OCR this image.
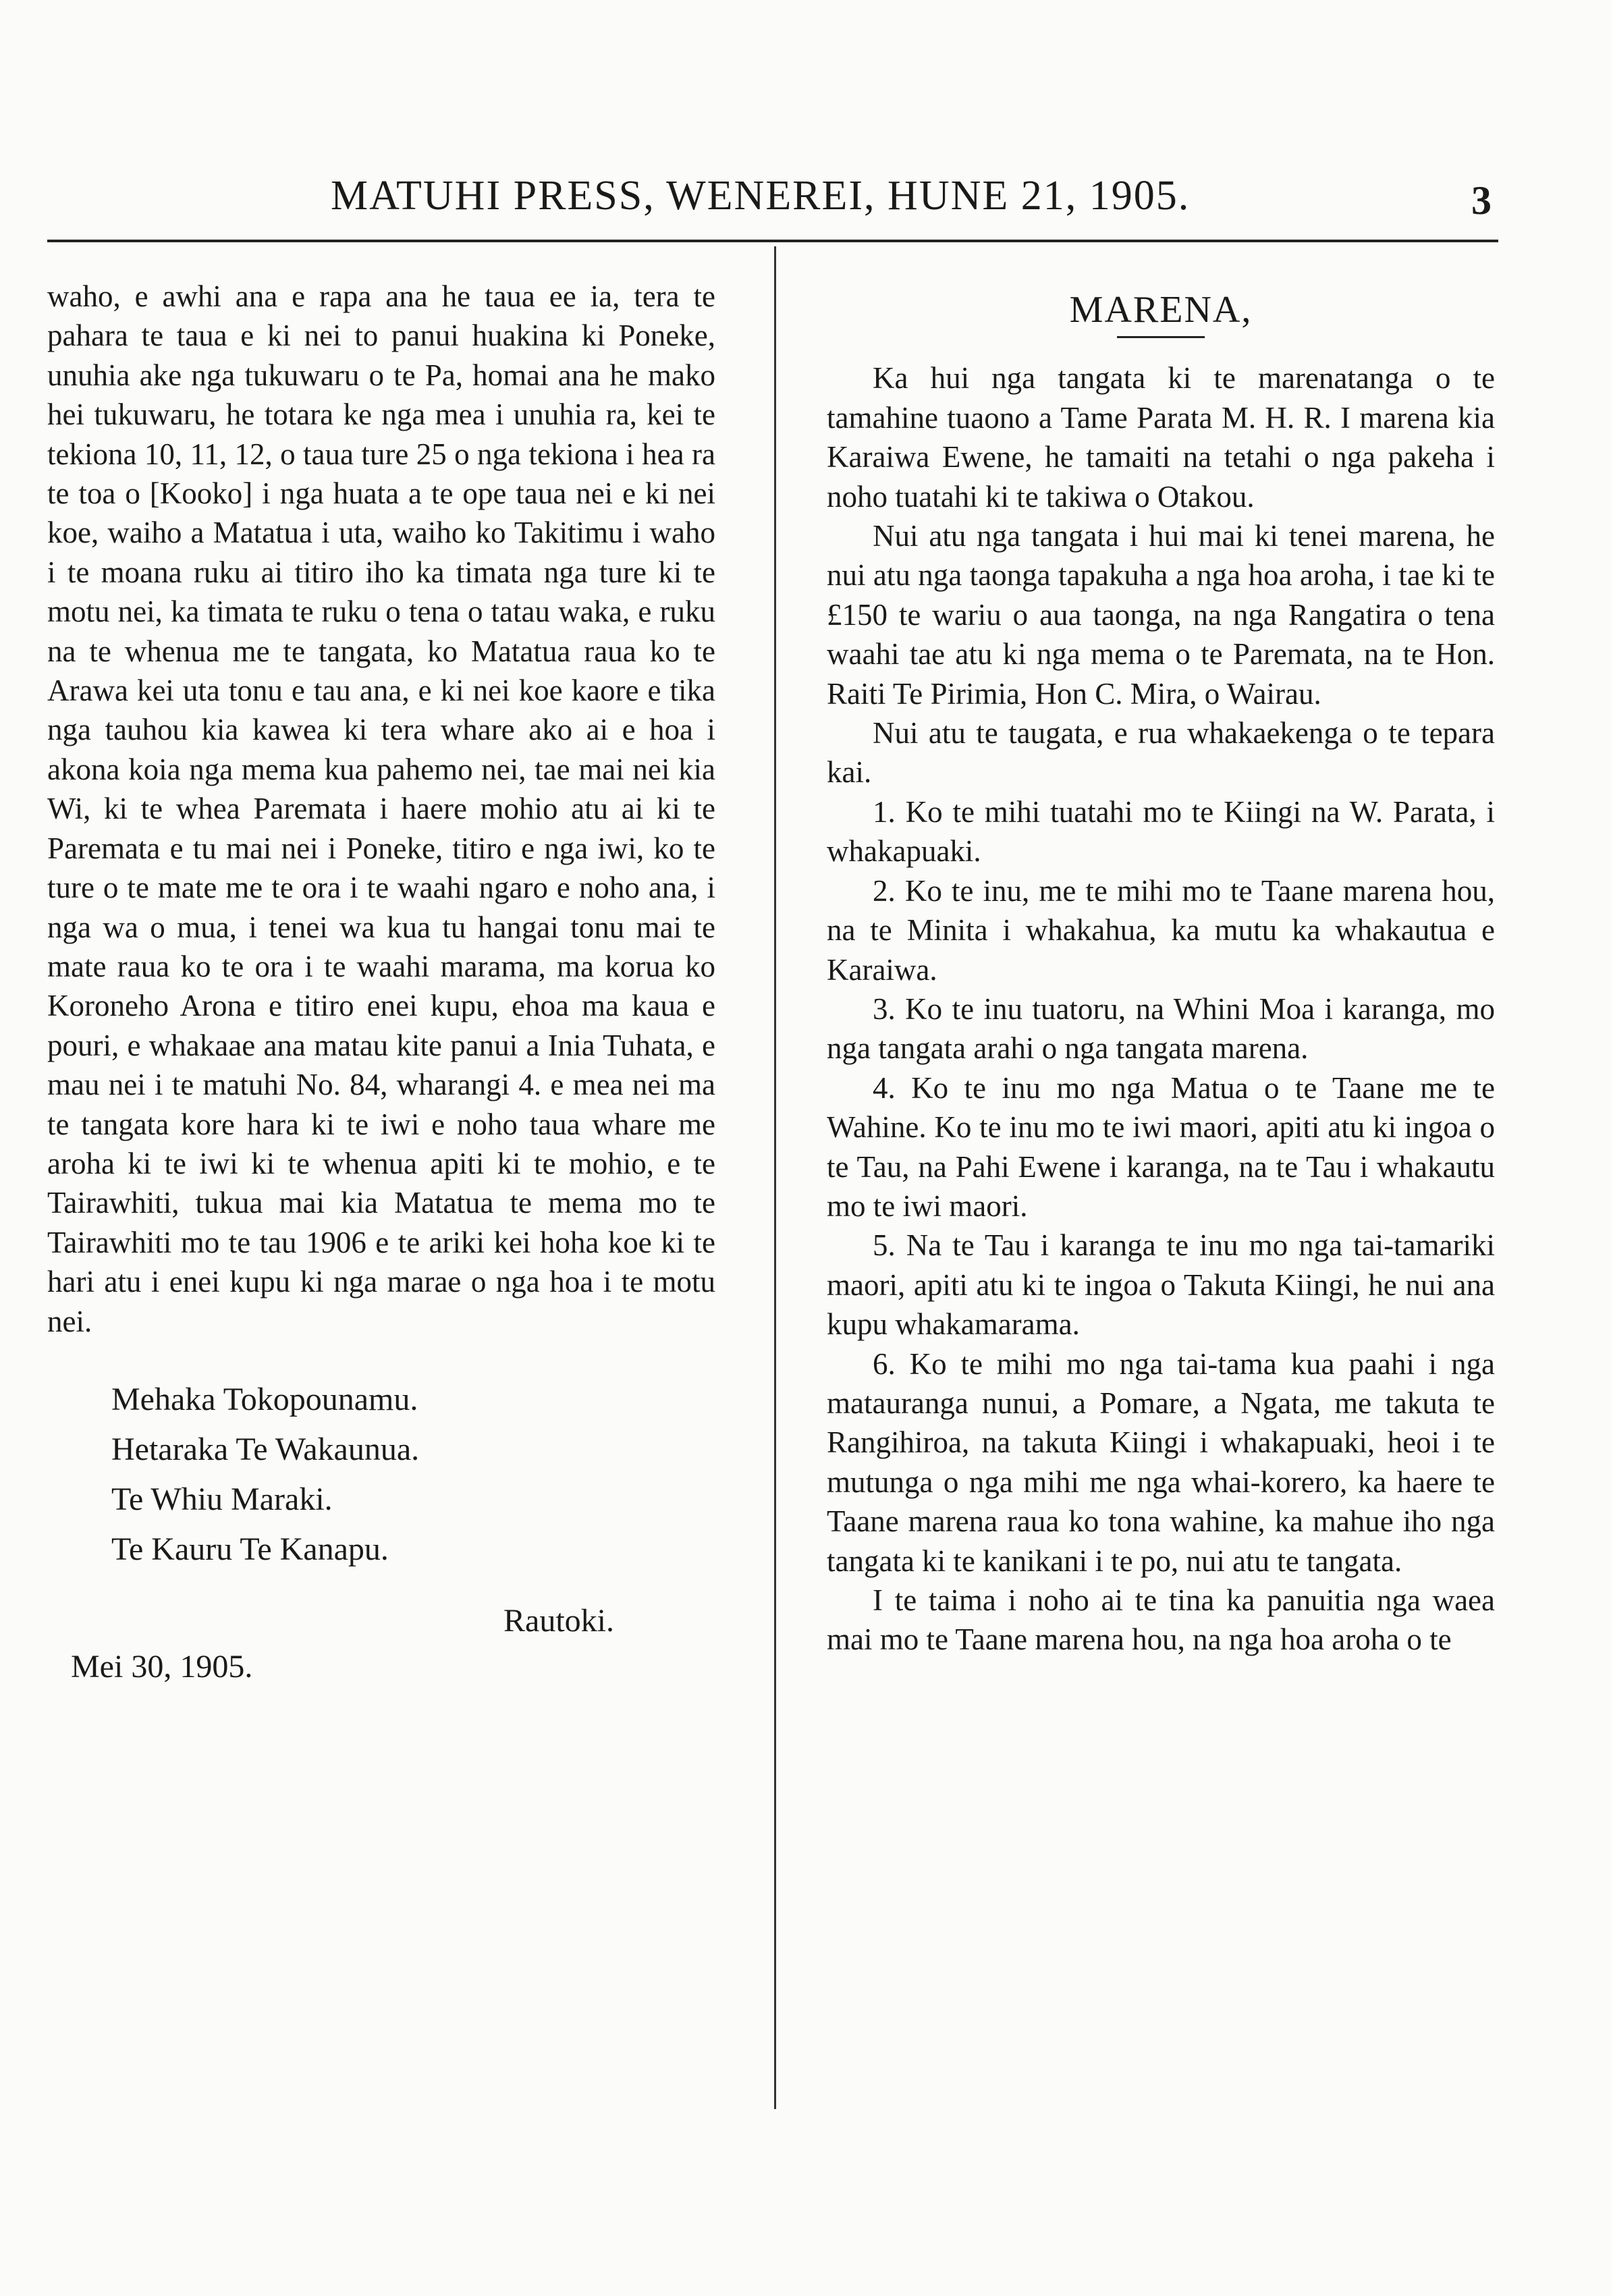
MATUHI PRESS, WENEREI, HUNE 21, 1905.	3

waho, e awhi ana e rapa ana he taua ee ia, tera te pahara te taua e ki nei to panui huakina ki Poneke, unuhia ake nga tukuwaru o te Pa, homai ana he mako hei tukuwaru, he totara ke nga mea i unuhia ra, kei te tekiona 10, 11, 12, o taua ture 25 o nga tekiona i hea ra te toa o [Kooko] i nga huata a te ope taua nei e ki nei koe, waiho a Matatua i uta, waiho ko Takitimu i waho i te moana ruku ai titiro iho ka timata nga ture ki te motu nei, ka timata te ruku o tena o tatau waka, e ruku na te whenua me te tangata, ko Matatua raua ko te Arawa kei uta tonu e tau ana, e ki nei koe kaore e tika nga tauhou kia kawea ki tera whare ako ai e hoa i akona koia nga mema kua pahemo nei, tae mai nei kia Wi, ki te whea Paremata i haere mohio atu ai ki te Paremata e tu mai nei i Poneke, titiro e nga iwi, ko te ture o te mate me te ora i te waahi ngaro e noho ana, i nga wa o mua, i tenei wa kua tu hangai tonu mai te mate raua ko te ora i te waahi marama, ma korua ko Koroneho Arona e titiro enei kupu, ehoa ma kaua e pouri, e whakaae ana matau kite panui a Inia Tuhata, e mau nei i te matuhi No. 84, wharangi 4. e mea nei ma te tangata kore hara ki te iwi e noho taua whare me aroha ki te iwi ki te whenua apiti ki te mohio, e te Tairawhiti, tukua mai kia Matatua te mema mo te Tairawhiti mo te tau 1906 e te ariki kei hoha koe ki te hari atu i enei kupu ki nga marae o nga hoa i te motu nei.

Mehaka Tokopounamu.
Hetaraka Te Wakaunua.
Te Whiu Maraki.
Te Kauru Te Kanapu.
Rautoki.
Mei 30, 1905.
MARENA,

Ka hui nga tangata ki te marenatanga o te tamahine tuaono a Tame Parata M. H. R. I marena kia Karaiwa Ewene, he tamaiti na tetahi o nga pakeha i noho tuatahi ki te takiwa o Otakou.

Nui atu nga tangata i hui mai ki tenei marena, he nui atu nga taonga tapakuha a nga hoa aroha, i tae ki te £150 te wariu o aua taonga, na nga Rangatira o tena waahi tae atu ki nga mema o te Paremata, na te Hon. Raiti Te Pirimia, Hon C. Mira, o Wairau.

Nui atu te taugata, e rua whakaekenga o te tepara kai.

1. Ko te mihi tuatahi mo te Kiingi na W. Parata, i whakapuaki.

2. Ko te inu, me te mihi mo te Taane marena hou, na te Minita i whakahua, ka mutu ka whakautua e Karaiwa.

3. Ko te inu tuatoru, na Whini Moa i karanga, mo nga tangata arahi o nga tangata marena.

4. Ko te inu mo nga Matua o te Taane me te Wahine. Ko te inu mo te iwi maori, apiti atu ki ingoa o te Tau, na Pahi Ewene i karanga, na te Tau i whakautu mo te iwi maori.

5. Na te Tau i karanga te inu mo nga tai-tamariki maori, apiti atu ki te ingoa o Takuta Kiingi, he nui ana kupu whakamarama.

6. Ko te mihi mo nga tai-tama kua paahi i nga matauranga nunui, a Pomare, a Ngata, me takuta te Rangihiroa, na takuta Kiingi i whakapuaki, heoi i te mutunga o nga mihi me nga whai-korero, ka haere te Taane marena raua ko tona wahine, ka mahue iho nga tangata ki te kanikani i te po, nui atu te tangata.

I te taima i noho ai te tina ka panuitia nga waea mai mo te Taane marena hou, na nga hoa aroha o te
